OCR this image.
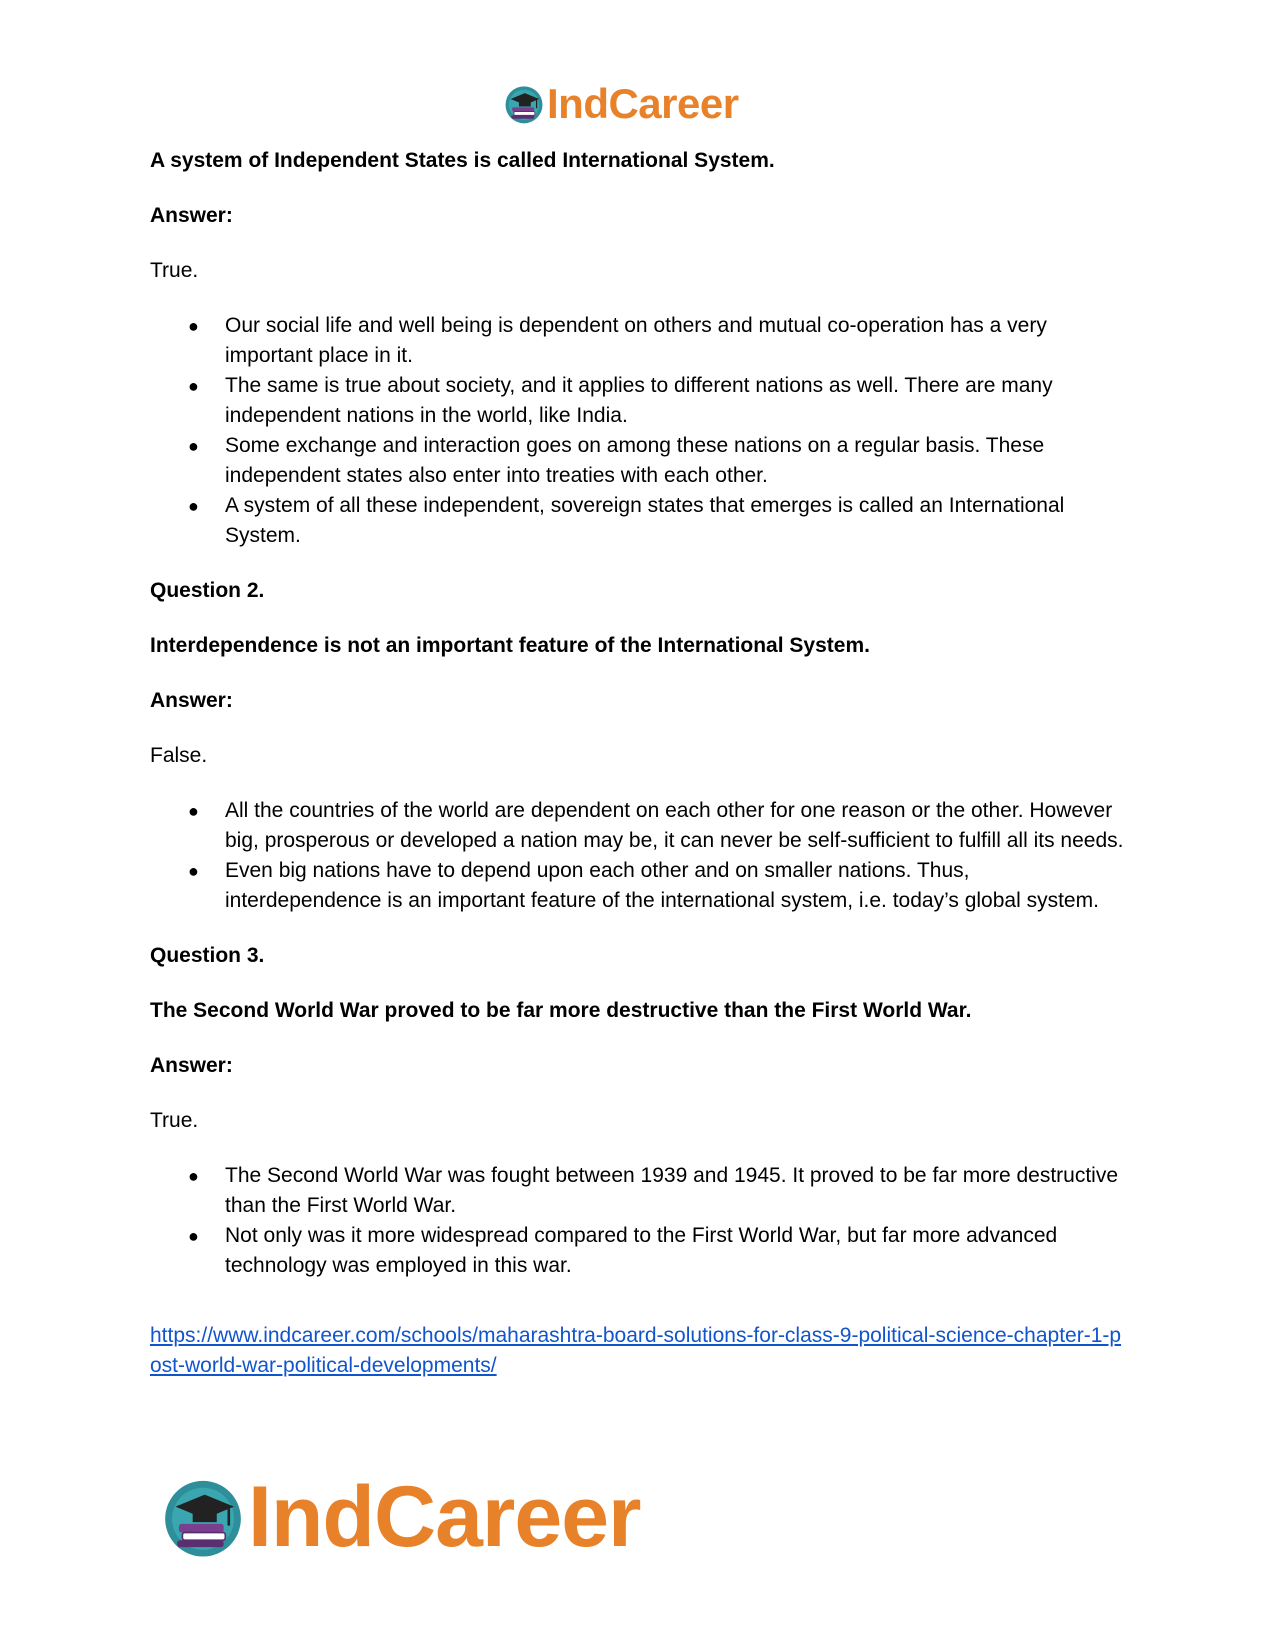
IndCareer
A system of Independent States is called International System.
Answer:
True.
● Our social life and well being is dependent on others and mutual co-operation has a very important place in it.
● The same is true about society, and it applies to different nations as well. There are many independent nations in the world, like India.
● Some exchange and interaction goes on among these nations on a regular basis. These independent states also enter into treaties with each other.
● A system of all these independent, sovereign states that emerges is called an International System.
Question 2.
Interdependence is not an important feature of the International System.
Answer:
False.
● All the countries of the world are dependent on each other for one reason or the other. However big, prosperous or developed a nation may be, it can never be self-sufficient to fulfill all its needs.
● Even big nations have to depend upon each other and on smaller nations. Thus, interdependence is an important feature of the international system, i.e. today’s global system.
Question 3.
The Second World War proved to be far more destructive than the First World War.
Answer:
True.
● The Second World War was fought between 1939 and 1945. It proved to be far more destructive than the First World War.
● Not only was it more widespread compared to the First World War, but far more advanced technology was employed in this war.
https://www.indcareer.com/schools/maharashtra-board-solutions-for-class-9-political-science-chapter-1-post-world-war-political-developments/
IndCareer
